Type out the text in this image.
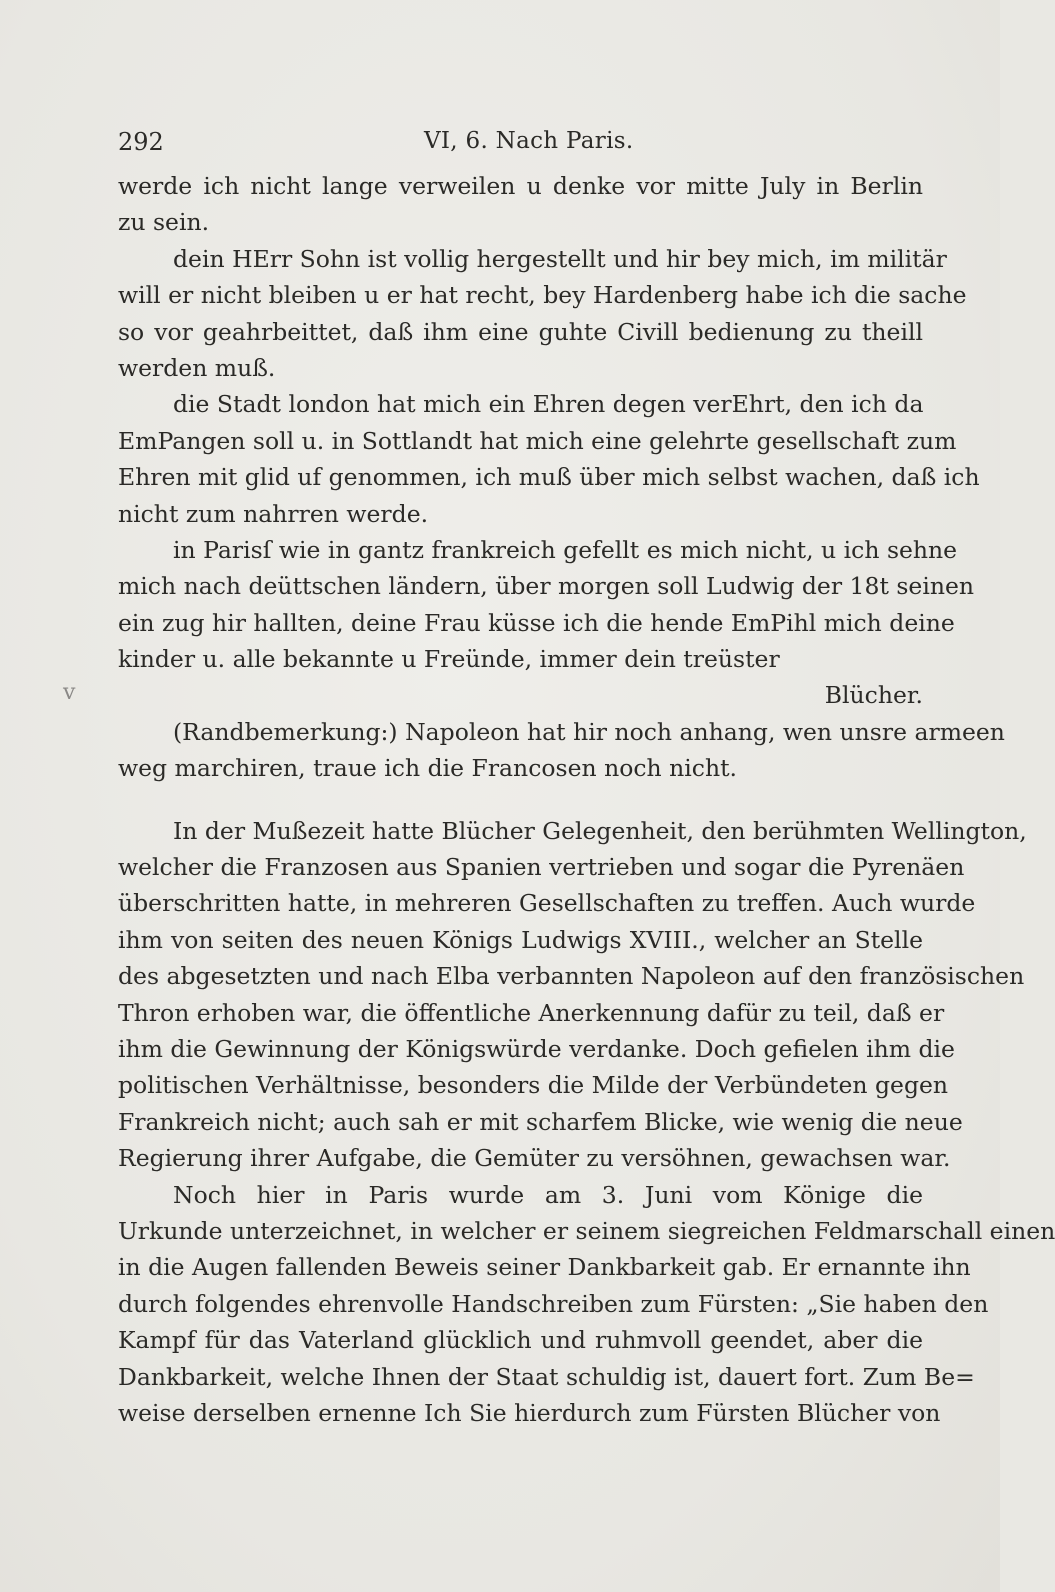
292	VI, 6. Nach Paris.
v
werde ich nicht lange verweilen u denke vor mitte July in Berlin
zu sein.
dein HErr Sohn ist vollig hergestellt und hir bey mich, im militär
will er nicht bleiben u er hat recht, bey Hardenberg habe ich die sache
so vor geahrbeittet, daß ihm eine guhte Civill bedienung zu theill
werden muß.
die Stadt london hat mich ein Ehren degen verEhrt, den ich da
EmPangen soll u. in Sottlandt hat mich eine gelehrte gesellschaft zum
Ehren mit glid uf genommen, ich muß über mich selbst wachen, daß ich
nicht zum nahrren werde.
in Parisſ wie in gantz frankreich gefellt es mich nicht, u ich sehne
mich nach deüttschen ländern, über morgen soll Ludwig der 18t seinen
ein zug hir hallten, deine Frau küsse ich die hende EmPihl mich deine
kinder u. alle bekannte u Freünde, immer dein treüster
Blücher.
(Randbemerkung:) Napoleon hat hir noch anhang, wen unsre armeen
weg marchiren, traue ich die Francosen noch nicht.
In der Mußezeit hatte Blücher Gelegenheit, den berühmten Wellington,
welcher die Franzosen aus Spanien vertrieben und sogar die Pyrenäen
überschritten hatte, in mehreren Gesellschaften zu treffen. Auch wurde
ihm von seiten des neuen Königs Ludwigs XVIII., welcher an Stelle
des abgesetzten und nach Elba verbannten Napoleon auf den französischen
Thron erhoben war, die öffentliche Anerkennung dafür zu teil, daß er
ihm die Gewinnung der Königswürde verdanke. Doch gefielen ihm die
politischen Verhältnisse, besonders die Milde der Verbündeten gegen
Frankreich nicht; auch sah er mit scharfem Blicke, wie wenig die neue
Regierung ihrer Aufgabe, die Gemüter zu versöhnen, gewachsen war.
Noch hier in Paris wurde am 3. Juni vom Könige die
Urkunde unterzeichnet, in welcher er seinem siegreichen Feldmarschall einen
in die Augen fallenden Beweis seiner Dankbarkeit gab. Er ernannte ihn
durch folgendes ehrenvolle Handschreiben zum Fürsten: „Sie haben den
Kampf für das Vaterland glücklich und ruhmvoll geendet, aber die
Dankbarkeit, welche Ihnen der Staat schuldig ist, dauert fort. Zum Be=
weise derselben ernenne Ich Sie hierdurch zum Fürsten Blücher von
